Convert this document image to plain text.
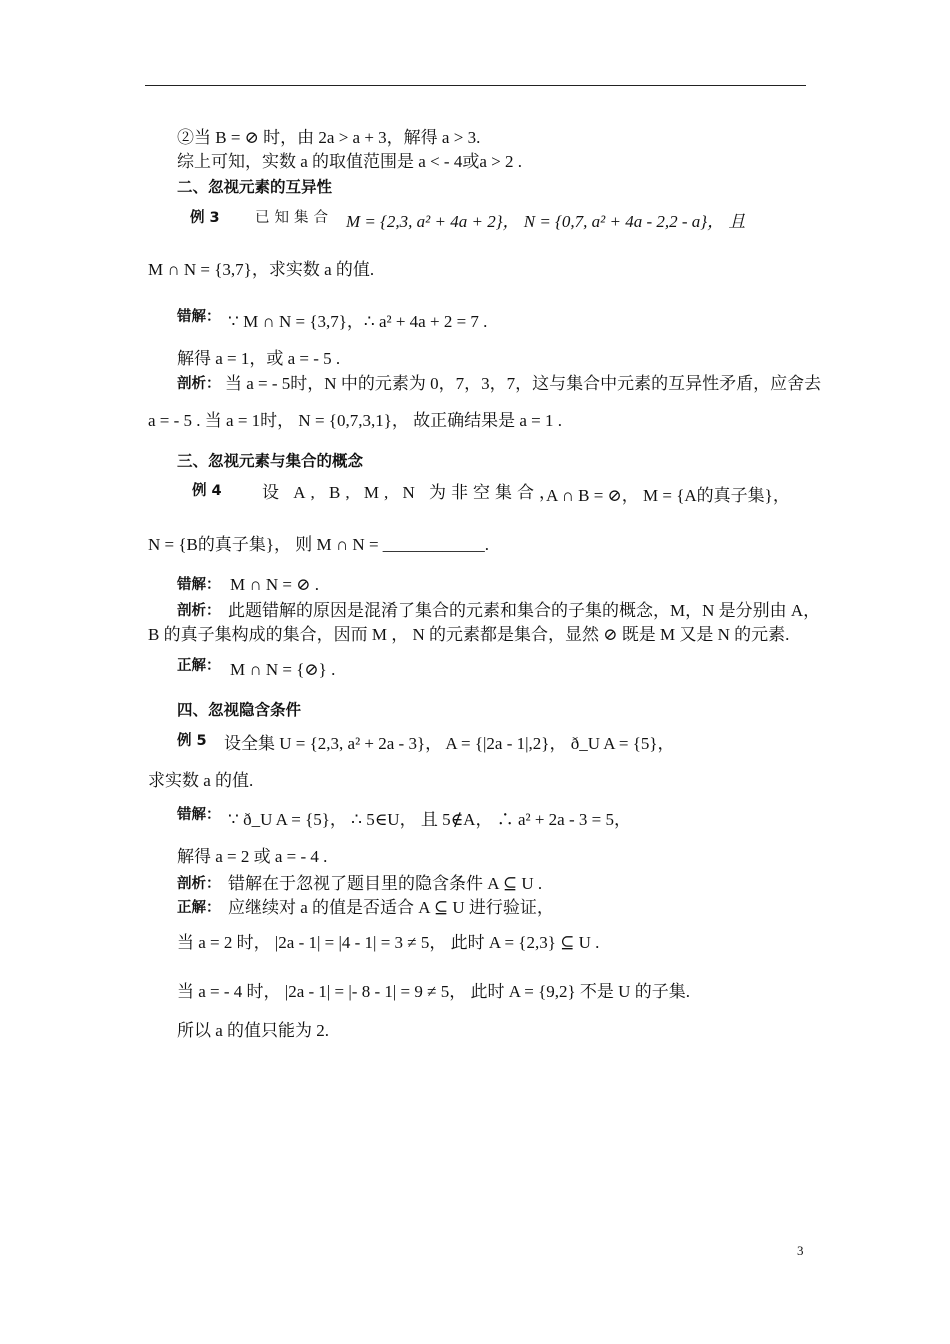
②当 B = ⊘ 时，由 2a > a + 3，解得 a > 3.
综上可知，实数 a 的取值范围是 a < - 4或a > 2 .
二、忽视元素的互异性
例 3 已知集合 M = {2,3, a² + 4a + 2}， N = {0,7, a² + 4a - 2,2 - a}， 且
M ∩ N = {3,7}，求实数 a 的值.
错解： ∵ M ∩ N = {3,7}，∴ a² + 4a + 2 = 7 .
解得 a = 1，或 a = - 5 .
剖析： 当 a = - 5时，N 中的元素为 0，7，3，7，这与集合中元素的互异性矛盾，应舍去
a = - 5 . 当 a = 1时， N = {0,7,3,1}， 故正确结果是 a = 1 .
三、忽视元素与集合的概念
例 4 设 A, B, M, N 为非空集合，
A ∩ B = ⊘， M = {A的真子集}，
N = {B的真子集}， 则 M ∩ N = ____________.
错解： M ∩ N = ⊘ .
剖析： 此题错解的原因是混淆了集合的元素和集合的子集的概念，M，N 是分别由 A，
B 的真子集构成的集合，因而 M ， N 的元素都是集合，显然 ⊘ 既是 M 又是 N 的元素.
正解： M ∩ N = {⊘} .
四、忽视隐含条件
例 5 设全集 U = {2,3, a² + 2a - 3}， A = {|2a - 1|,2}， ð_U A = {5}，
求实数 a 的值.
错解： ∵ ð_U A = {5}， ∴ 5∈U， 且 5∉A， ∴ a² + 2a - 3 = 5，
解得 a = 2 或 a = - 4 .
剖析： 错解在于忽视了题目里的隐含条件 A ⊆ U .
正解： 应继续对 a 的值是否适合 A ⊆ U 进行验证，
当 a = 2 时， |2a - 1| = |4 - 1| = 3 ≠ 5， 此时 A = {2,3} ⊆ U .
当 a = - 4 时， |2a - 1| = |- 8 - 1| = 9 ≠ 5， 此时 A = {9,2} 不是 U 的子集.
所以 a 的值只能为 2.
3
